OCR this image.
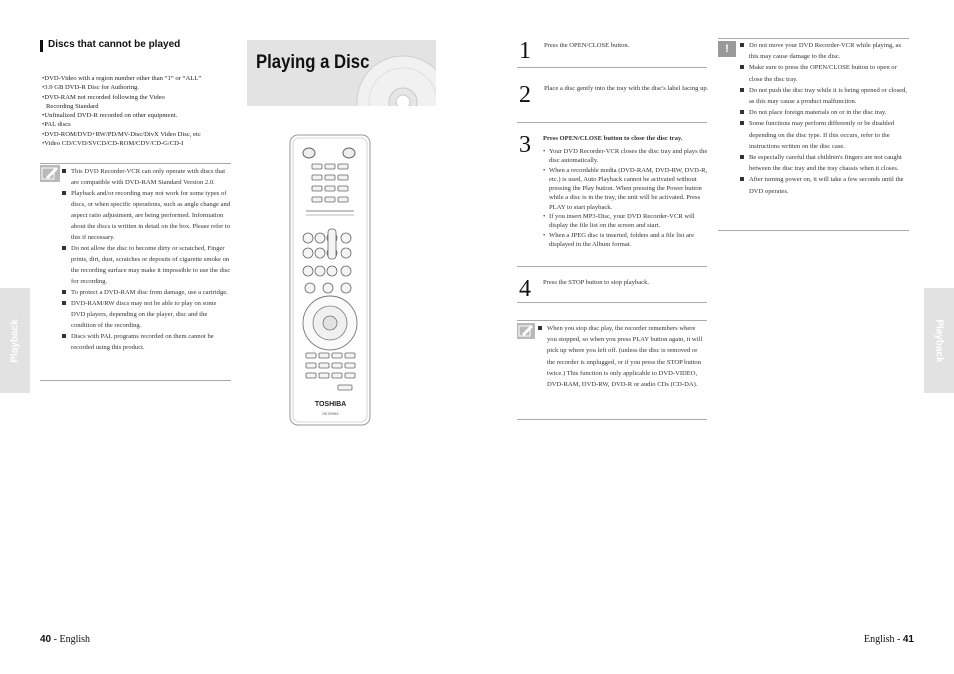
Discs that cannot be played
•DVD-Video with a region number other than “1” or “ALL”
•3.9 GB DVD-R Disc for Authoring.
•DVD-RAM not recorded following the Video
Recording Standard
•Unfinalized DVD-R recorded on other equipment.
•PAL discs
•DVD-ROM/DVD+RW/PD/MV-Disc/DivX Video Disc, etc
•Video CD/CVD/SVCD/CD-ROM/CDV/CD-G/CD-I
This DVD Recorder-VCR can only operate with discs that are compatible with DVD-RAM Standard Version 2.0.
Playback and/or recording may not work for some types of discs, or when specific operations, such as angle change and aspect ratio adjustment, are being performed. Information about the discs is written in detail on the box. Please refer to this if necessary.
Do not allow the disc to become dirty or scratched, Finger prints, dirt, dust, scratches or deposits of cigarette smoke on the recording surface may make it impossible to use the disc for recording.
To protect a DVD-RAM disc from damage, use a cartridge.
DVD-RAM/RW discs may not be able to play on some DVD players, depending on the player, disc and the condition of the recording.
Discs with PAL programs recorded on them cannot be recorded using this product.
Playback
Playing a Disc
TOSHIBA
SE-R0052
40 - English
1 Press the OPEN/CLOSE button.
2 Place a disc gently into the tray with the disc's label facing up.
3 Press OPEN/CLOSE button to close the disc tray.
• Your DVD Recorder-VCR closes the disc tray and plays the disc automatically.
• When a recordable media (DVD-RAM, DVD-RW, DVD-R, etc.) is used, Auto Playback cannot be activated without pressing the Play button. When pressing the Power button while a disc is in the tray, the unit will be activated. Press PLAY to start playback.
• If you insert MP3-Disc, your DVD Recorder-VCR will display the file list on the screen and start.
• When a JPEG disc is inserted, folders and a file list are displayed in the Album format.
4 Press the STOP button to stop playback.
When you stop disc play, the recorder remembers where you stopped, so when you press PLAY button again, it will pick up where you left off. (unless the disc is removed or the recorder is unplugged, or if you press the STOP button twice.) This function is only applicable to DVD-VIDEO, DVD-RAM, DVD-RW, DVD-R or audio CDs (CD-DA).
!	Do not move your DVD Recorder-VCR while playing, as this may cause damage to the disc.
Make sure to press the OPEN/CLOSE button to open or close the disc tray.
Do not push the disc tray while it is being opened or closed, as this may cause a product malfunction.
Do not place foreign materials on or in the disc tray.
Some functions may perform differently or be disabled depending on the disc type. If this occurs, refer to the instructions written on the disc case.
Be especially careful that children's fingers are not caught between the disc tray and the tray chassis when it closes.
After turning power on, it will take a few seconds until the DVD operates.
Playback
English - 41
